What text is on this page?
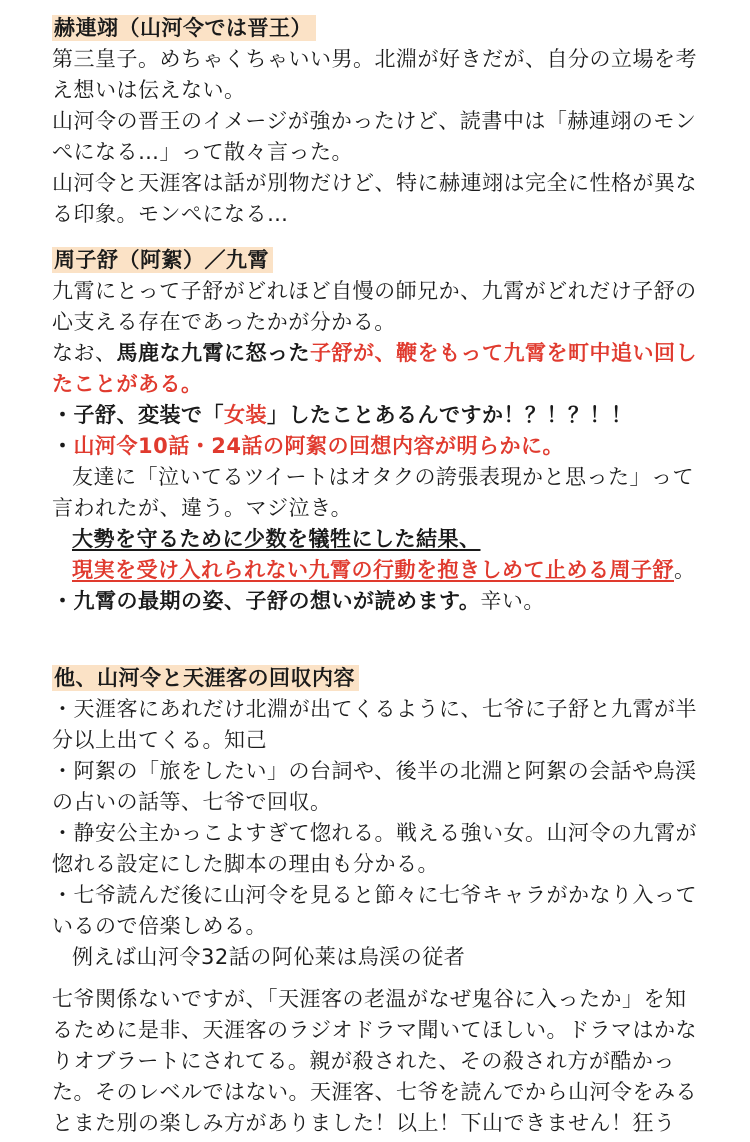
赫連翊（山河令では晋王）
第三皇子。めちゃくちゃいい男。北淵が好きだが、自分の立場を考
え想いは伝えない。
山河令の晋王のイメージが強かったけど、読書中は「赫連翊のモン
ぺになる…」って散々言った。
山河令と天涯客は話が別物だけど、特に赫連翊は完全に性格が異な
る印象。モンぺになる…
周子舒（阿絮）／九霄
九霄にとって子舒がどれほど自慢の師兄か、九霄がどれだけ子舒の
心支える存在であったかが分かる。
なお、馬鹿な九霄に怒った子舒が、鞭をもって九霄を町中追い回し
たことがある。
・子舒、変装で「女装」したことあるんですか！？！？！！
・山河令10話・24話の阿絮の回想内容が明らかに。
友達に「泣いてるツイートはオタクの誇張表現かと思った」って
言われたが、違う。マジ泣き。
大勢を守るために少数を犠牲にした結果、
現実を受け入れられない九霄の行動を抱きしめて止める周子舒。
・九霄の最期の姿、子舒の想いが読めます。辛い。
他、山河令と天涯客の回収内容
・天涯客にあれだけ北淵が出てくるように、七爷に子舒と九霄が半
分以上出てくる。知己
・阿絮の「旅をしたい」の台詞や、後半の北淵と阿絮の会話や烏渓
の占いの話等、七爷で回収。
・静安公主かっこよすぎて惚れる。戦える強い女。山河令の九霄が
惚れる設定にした脚本の理由も分かる。
・七爷読んだ後に山河令を見ると節々に七爷キャラがかなり入って
いるので倍楽しめる。
例えば山河令32話の阿伈莱は烏渓の従者
七爷関係ないですが、「天涯客の老温がなぜ鬼谷に入ったか」を知
るために是非、天涯客のラジオドラマ聞いてほしい。ドラマはかな
りオブラートにされてる。親が殺された、その殺され方が酷かっ
た。そのレベルではない。天涯客、七爷を読んでから山河令をみる
とまた別の楽しみ方がありました！以上！下山できません！狂う
